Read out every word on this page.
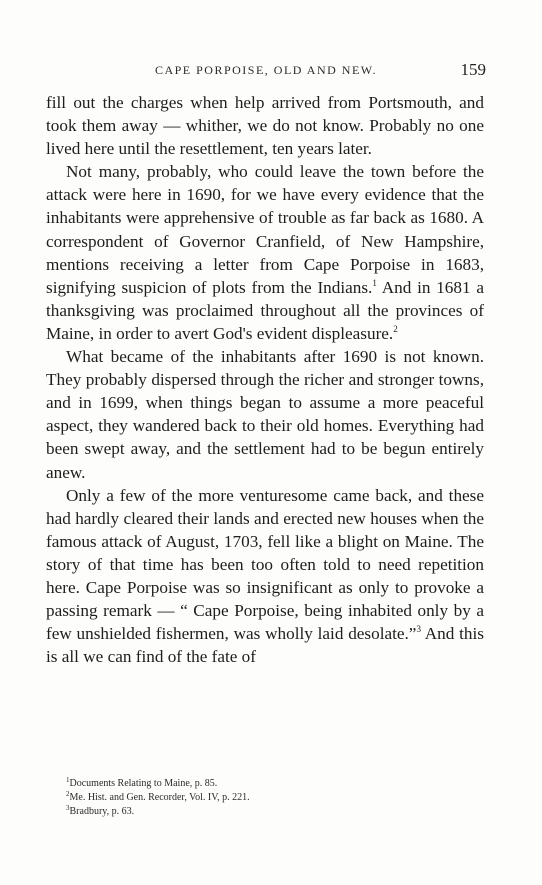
CAPE PORPOISE, OLD AND NEW.	159

fill out the charges when help arrived from Portsmouth, and took them away — whither, we do not know. Probably no one lived here until the resettlement, ten years later.

Not many, probably, who could leave the town before the attack were here in 1690, for we have every evidence that the inhabitants were apprehensive of trouble as far back as 1680. A correspondent of Governor Cranfield, of New Hampshire, mentions receiving a letter from Cape Porpoise in 1683, signifying suspicion of plots from the Indians.$^1$ And in 1681 a thanksgiving was proclaimed throughout all the provinces of Maine, in order to avert God's evident displeasure.$^2$

What became of the inhabitants after 1690 is not known. They probably dispersed through the richer and stronger towns, and in 1699, when things began to assume a more peaceful aspect, they wandered back to their old homes. Everything had been swept away, and the settlement had to be begun entirely anew.

Only a few of the more venturesome came back, and these had hardly cleared their lands and erected new houses when the famous attack of August, 1703, fell like a blight on Maine. The story of that time has been too often told to need repetition here. Cape Porpoise was so insignificant as only to provoke a passing remark — “ Cape Porpoise, being inhabited only by a few unshielded fishermen, was wholly laid desolate.”$^3$ And this is all we can find of the fate of

$^1$Documents Relating to Maine, p. 85.
$^2$Me. Hist. and Gen. Recorder, Vol. IV, p. 221.
$^3$Bradbury, p. 63.
